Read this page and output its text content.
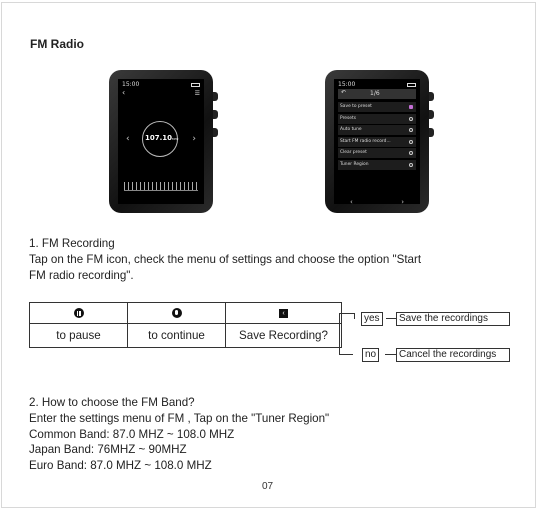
FM Radio
15:00
‹	☰
‹ 107.10MHz ›
15:00
↶	1/6
Save to preset
Presets
Auto tune
Start FM radio record...
Clear preset
Tuner Region
‹	›
1. FM Recording
Tap on the FM icon, check the menu of settings and choose the option "Start
FM radio recording".
		‹
to pause	to continue	Save Recording?
yes	Save the recordings
no	Cancel the recordings
2. How to choose the FM Band?
Enter the settings menu of FM , Tap on the "Tuner Region"
Common Band: 87.0 MHZ ~ 108.0 MHZ
Japan Band: 76MHZ ~ 90MHZ
Euro Band: 87.0 MHZ ~ 108.0 MHZ
07
